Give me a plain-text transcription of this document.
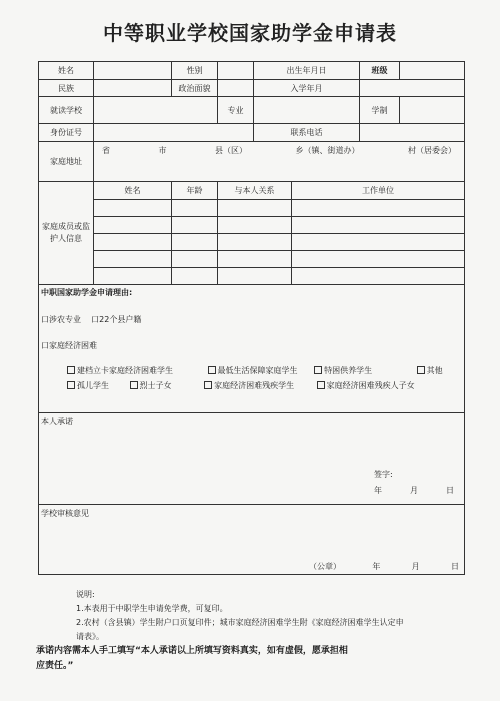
中等职业学校国家助学金申请表
姓名		性别		出生年月日		班级	
民族		政治面貌		入学年月			
就读学校			专业			学制	
身份证号				联系电话			
家庭地址	省 市 县（区） 乡（镇、街道办） 村（居委会）						

家庭成员或监护人信息	姓名	年龄	与本人关系		工作单位		

中职国家助学金申请理由:
口涉农专业 口22个县户籍
口家庭经济困难
建档立卡家庭经济困难学生 最低生活保障家庭学生 特困供养学生 其他
孤儿学生 烈士子女 家庭经济困难残疾学生 家庭经济困难残疾人子女							

本人承诺
签字:
年 月 日							

学校审核意见
（公章） 年 月 日							
说明:
1.本表用于中职学生申请免学费，可复印。
2.农村（含县镇）学生附户口页复印件；城市家庭经济困难学生附《家庭经济困难学生认定申
请表》。
承诺内容需本人手工填写“本人承诺以上所填写资料真实，如有虚假，愿承担相
应责任。”
